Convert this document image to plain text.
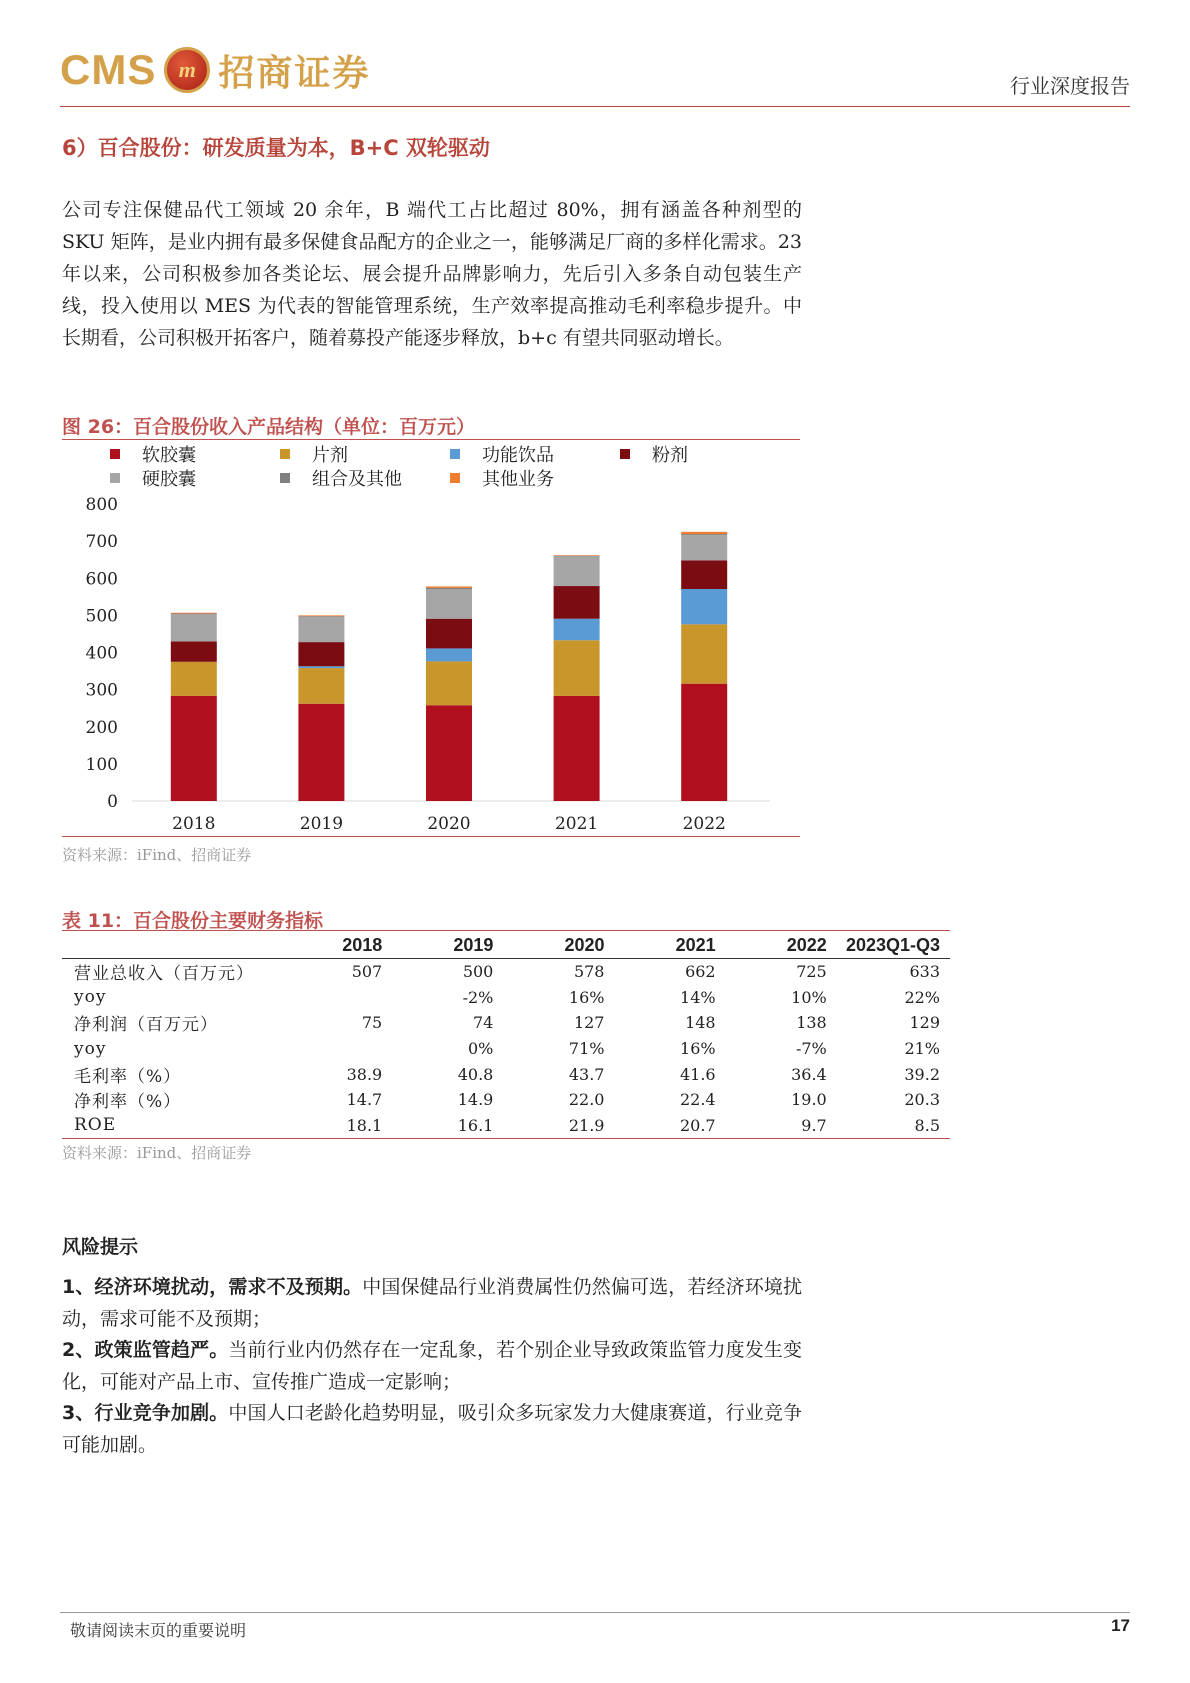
CMS	m 招商证券	行业深度报告
6）百合股份：研发质量为本，B+C 双轮驱动
公司专注保健品代工领域 20 余年，B 端代工占比超过 80%，拥有涵盖各种剂型的 SKU 矩阵，是业内拥有最多保健食品配方的企业之一，能够满足厂商的多样化需求。23 年以来，公司积极参加各类论坛、展会提升品牌影响力，先后引入多条自动包装生产线，投入使用以 MES 为代表的智能管理系统，生产效率提高推动毛利率稳步提升。中长期看，公司积极开拓客户，随着募投产能逐步释放，b+c 有望共同驱动增长。
图 26：百合股份收入产品结构（单位：百万元）
软胶囊	片剂	功能饮品	粉剂
硬胶囊	组合及其他	其他业务
0
100
200
300
400
500
600
700
800
2018	2019	2020	2021	2022
资料来源：iFind、招商证券
表 11：百合股份主要财务指标
	2018	2019	2020	2021	2022	2023Q1-Q3
营业总收入（百万元）	507	500	578	662	725	633
yoy		-2%	16%	14%	10%	22%
净利润（百万元）	75	74	127	148	138	129
yoy		0%	71%	16%	-7%	21%
毛利率（%）	38.9	40.8	43.7	41.6	36.4	39.2
净利率（%）	14.7	14.9	22.0	22.4	19.0	20.3
ROE	18.1	16.1	21.9	20.7	9.7	8.5
资料来源：iFind、招商证券
风险提示
1、经济环境扰动，需求不及预期。中国保健品行业消费属性仍然偏可选，若经济环境扰动，需求可能不及预期；
2、政策监管趋严。当前行业内仍然存在一定乱象，若个别企业导致政策监管力度发生变化，可能对产品上市、宣传推广造成一定影响；
3、行业竞争加剧。中国人口老龄化趋势明显，吸引众多玩家发力大健康赛道，行业竞争可能加剧。
敬请阅读末页的重要说明	17
